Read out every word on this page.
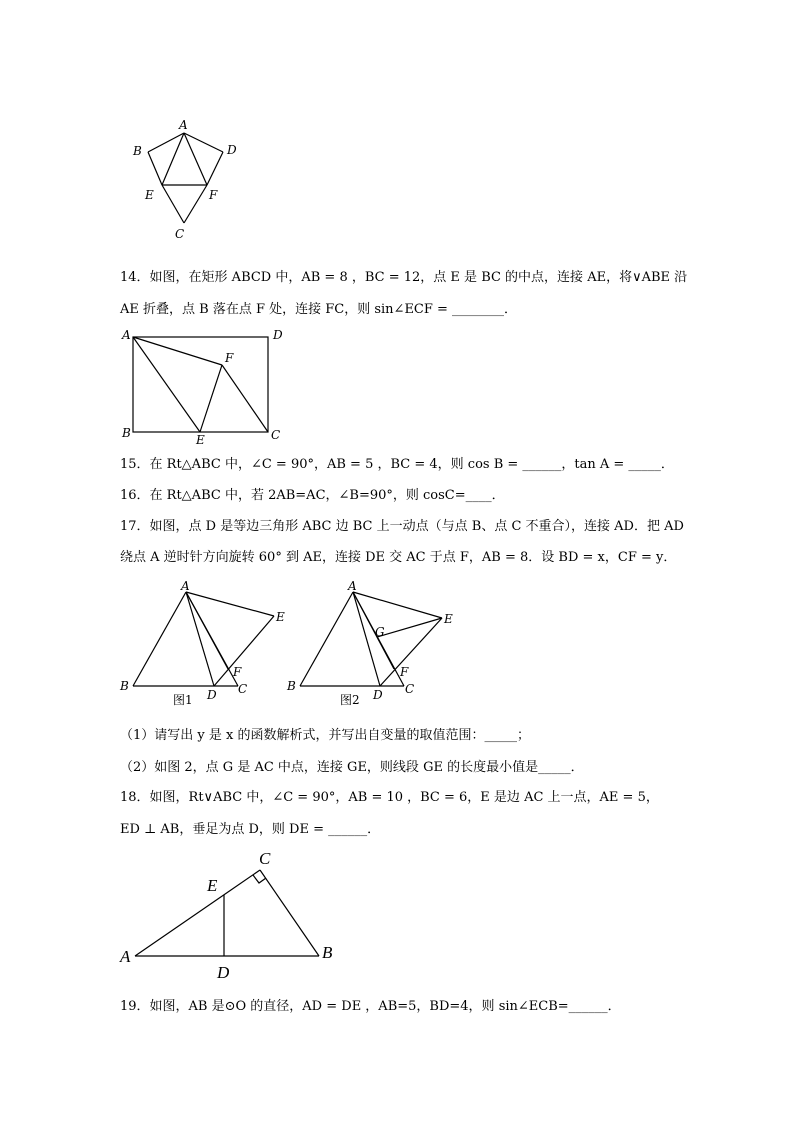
A
B	D
E	F
C
14．如图，在矩形 ABCD 中，AB = 8 ，BC = 12，点 E 是 BC 的中点，连接 AE，将∨ABE 沿
AE 折叠，点 B 落在点 F 处，连接 FC，则 sin∠ECF = ________．
A	D
F
B	E	C
15．在 Rt△ABC 中，∠C = 90°，AB = 5 ，BC = 4，则 cos B = ______，tan A = _____．
16．在 Rt△ABC 中，若 2AB=AC，∠B=90°，则 cosC=____．
17．如图，点 D 是等边三角形 ABC 边 BC 上一动点（与点 B、点 C 不重合），连接 AD．把 AD
绕点 A 逆时针方向旋转 60° 到 AE，连接 DE 交 AC 于点 F，AB = 8．设 BD = x，CF = y．
A
E
F
B
D C
图1
A
E
G
F
B
D C
图2
（1）请写出 y 是 x 的函数解析式，并写出自变量的取值范围：_____；
（2）如图 2，点 G 是 AC 中点，连接 GE，则线段 GE 的长度最小值是_____．
18．如图，Rt∨ABC 中，∠C = 90°，AB = 10 ，BC = 6，E 是边 AC 上一点，AE = 5，
ED ⊥ AB，垂足为点 D，则 DE = ______．
C
E
A	B
D
19．如图，AB 是⊙O 的直径，AD = DE ，AB=5，BD=4，则 sin∠ECB=______．
